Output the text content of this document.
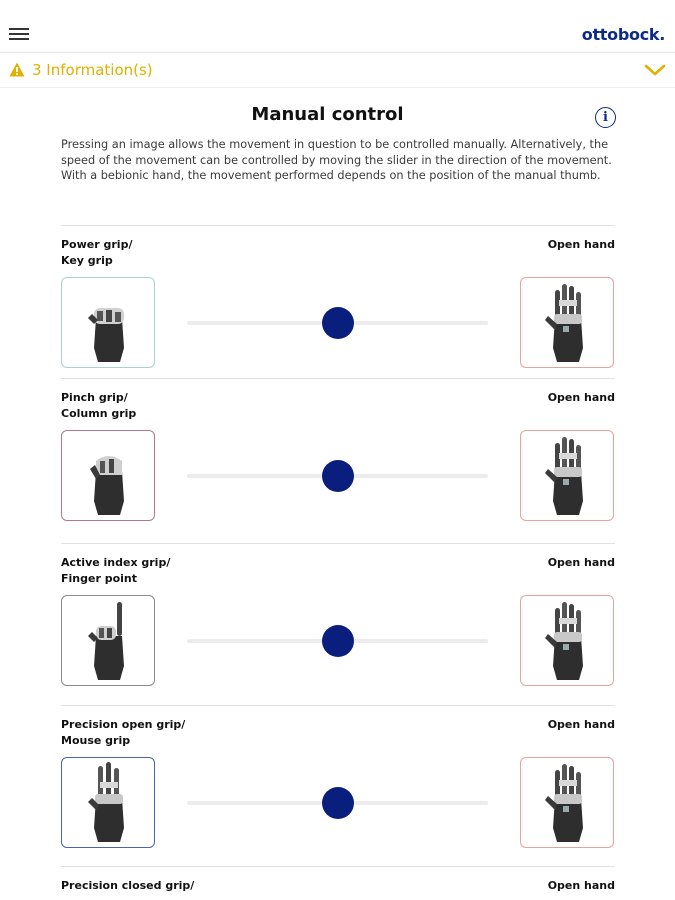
ottobock.
3 Information(s)
Manual control	i
Pressing an image allows the movement in question to be controlled manually. Alternatively, the speed of the movement can be controlled by moving the slider in the direction of the movement. With a bebionic hand, the movement performed depends on the position of the manual thumb.
Power grip/
Key grip
Open hand
Pinch grip/
Column grip
Open hand
Active index grip/
Finger point
Open hand
Precision open grip/
Mouse grip
Open hand
Precision closed grip/	Open hand
